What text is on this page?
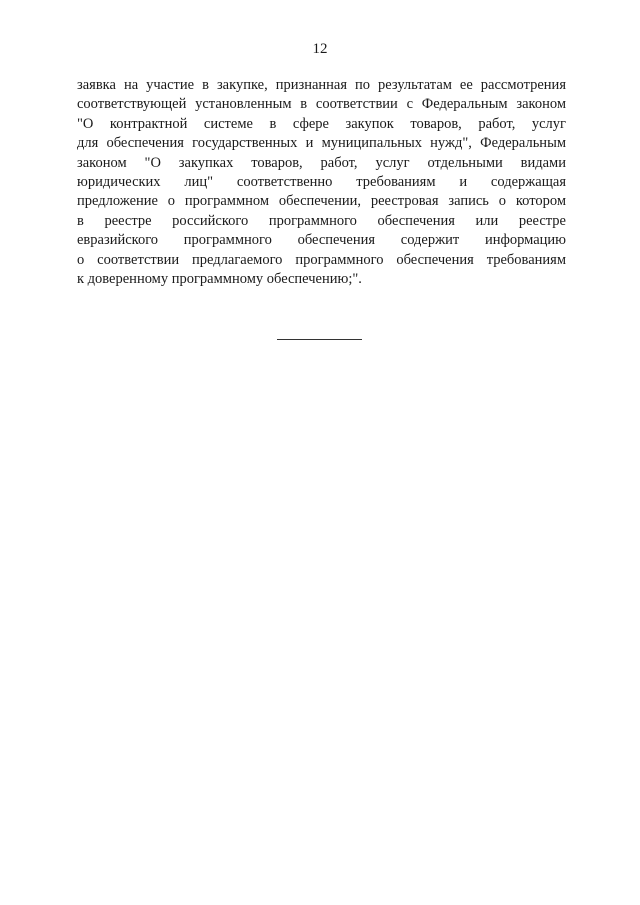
12
заявка на участие в закупке, признанная по результатам ее рассмотрения
соответствующей установленным в соответствии с Федеральным законом
"О контрактной системе в сфере закупок товаров, работ, услуг
для обеспечения государственных и муниципальных нужд", Федеральным
законом "О закупках товаров, работ, услуг отдельными видами
юридических лиц" соответственно требованиям и содержащая
предложение о программном обеспечении, реестровая запись о котором
в реестре российского программного обеспечения или реестре
евразийского программного обеспечения содержит информацию
о соответствии предлагаемого программного обеспечения требованиям
к доверенному программному обеспечению;".
